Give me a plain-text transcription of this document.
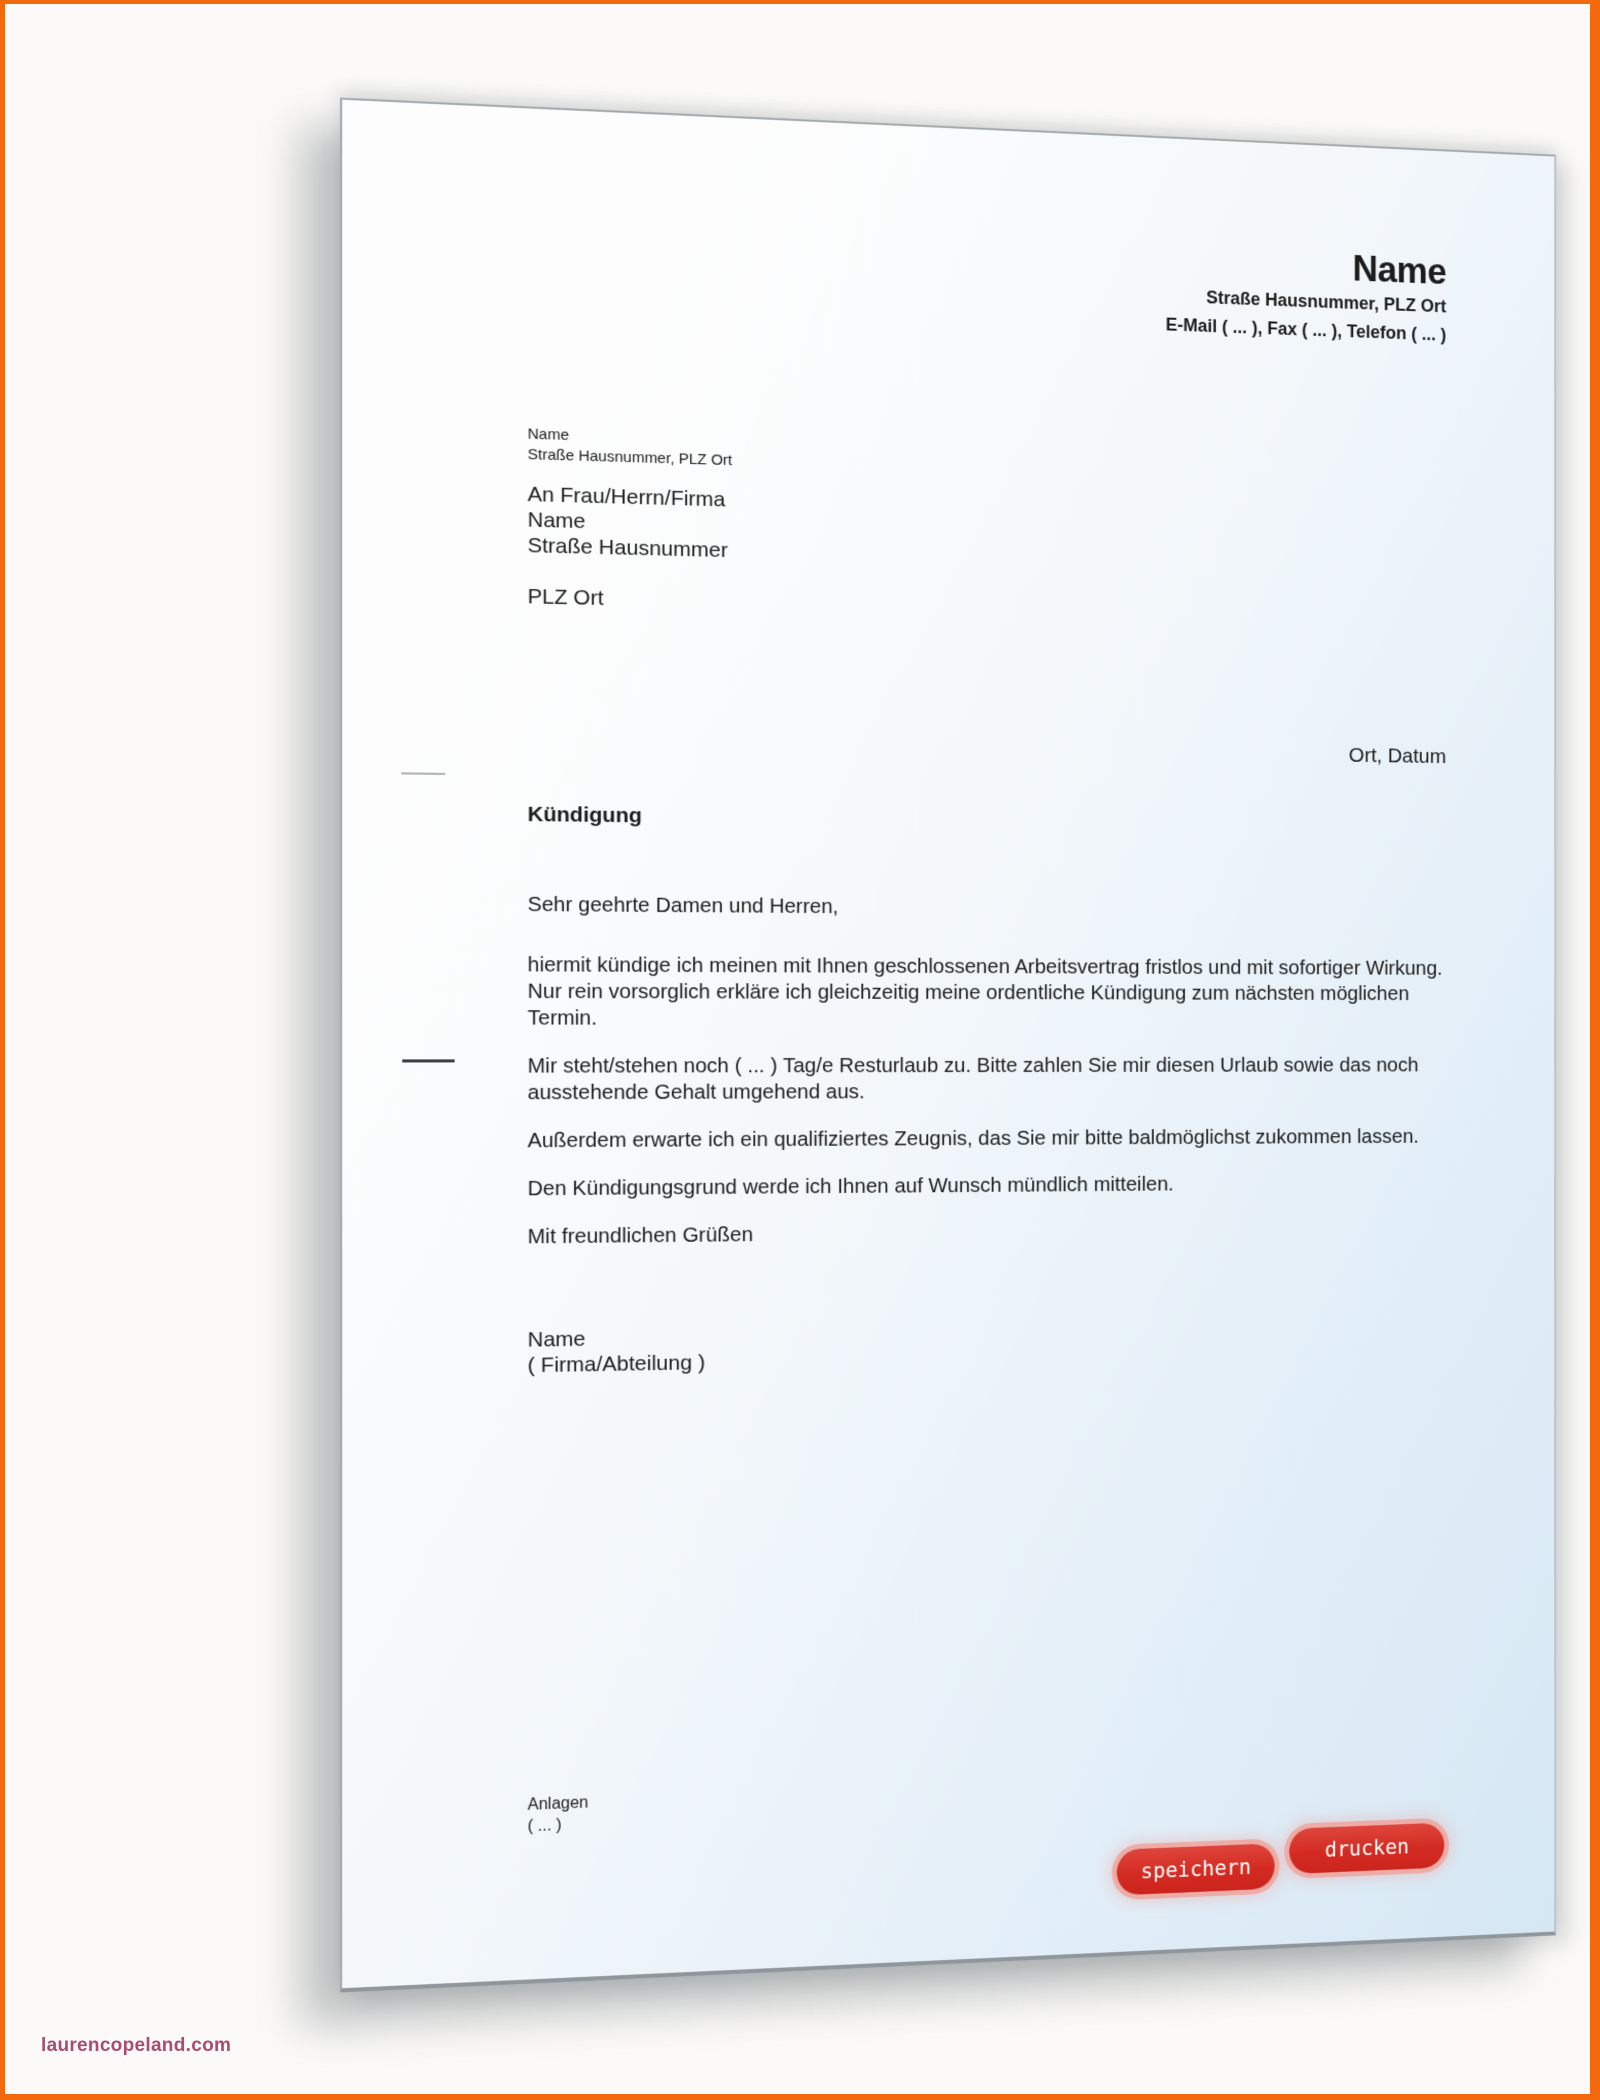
Name
Straße Hausnummer, PLZ Ort
E-Mail ( ... ), Fax ( ... ), Telefon ( ... )
Name
Straße Hausnummer, PLZ Ort
An Frau/Herrn/Firma
Name
Straße Hausnummer

PLZ Ort
Ort, Datum
Kündigung

Sehr geehrte Damen und Herren,

hiermit kündige ich meinen mit Ihnen geschlossenen Arbeitsvertrag fristlos und mit sofortiger Wirkung.
Nur rein vorsorglich erkläre ich gleichzeitig meine ordentliche Kündigung zum nächsten möglichen
Termin.

Mir steht/stehen noch ( ... ) Tag/e Resturlaub zu. Bitte zahlen Sie mir diesen Urlaub sowie das noch
ausstehende Gehalt umgehend aus.

Außerdem erwarte ich ein qualifiziertes Zeugnis, das Sie mir bitte baldmöglichst zukommen lassen.

Den Kündigungsgrund werde ich Ihnen auf Wunsch mündlich mitteilen.

Mit freundlichen Grüßen

Name
( Firma/Abteilung )
Anlagen
( ... )
speichern
drucken
laurencopeland.com
